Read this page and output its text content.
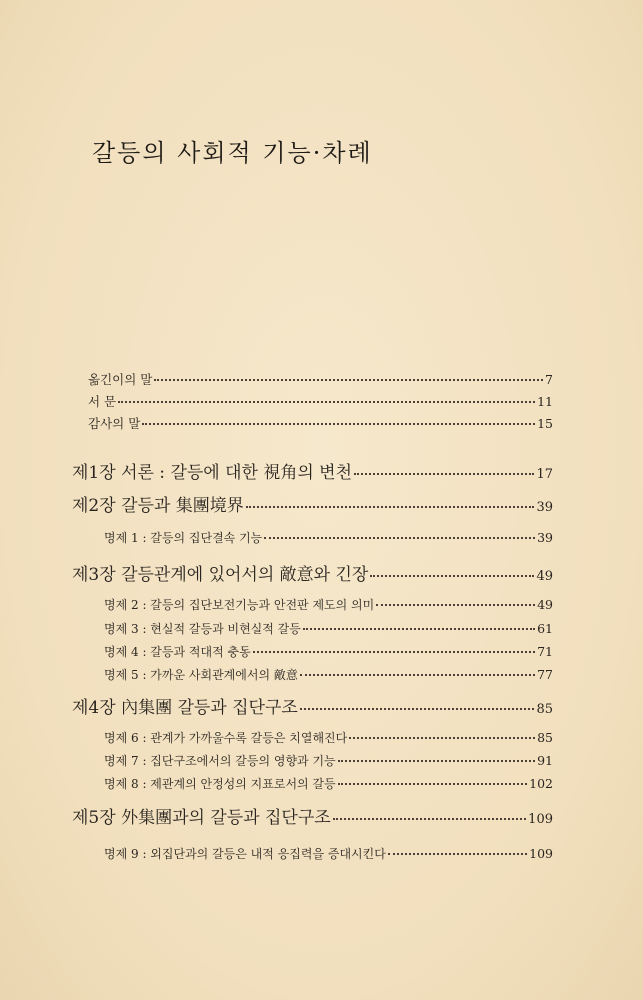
갈등의 사회적 기능·차례
옮긴이의 말	7
서 문	11
감사의 말	15
제1장 서론 : 갈등에 대한 視角의 변천	17
제2장 갈등과 集團境界	39
명제 1 : 갈등의 집단결속 기능	39
제3장 갈등관계에 있어서의 敵意와 긴장	49
명제 2 : 갈등의 집단보전기능과 안전판 제도의 의미	49
명제 3 : 현실적 갈등과 비현실적 갈등	61
명제 4 : 갈등과 적대적 충동	71
명제 5 : 가까운 사회관계에서의 敵意	77
제4장 內集團 갈등과 집단구조	85
명제 6 : 관계가 가까울수록 갈등은 치열해진다	85
명제 7 : 집단구조에서의 갈등의 영향과 기능	91
명제 8 : 제관계의 안정성의 지표로서의 갈등	102
제5장 外集團과의 갈등과 집단구조	109
명제 9 : 외집단과의 갈등은 내적 응집력을 증대시킨다	109
